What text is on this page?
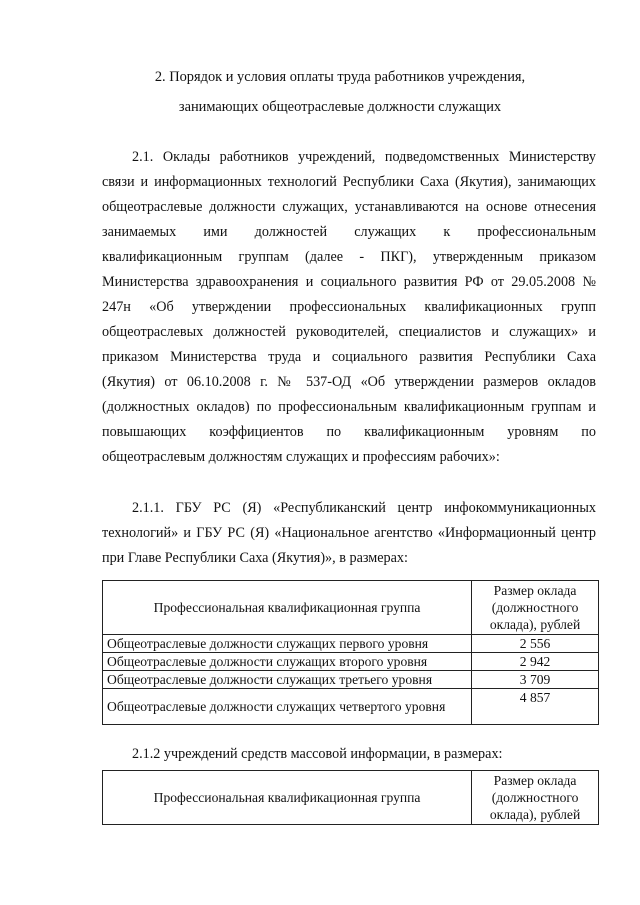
2. Порядок и условия оплаты труда работников учреждения,
занимающих общеотраслевые должности служащих
2.1. Оклады работников учреждений, подведомственных Министерству связи и информационных технологий Республики Саха (Якутия), занимающих общеотраслевые должности служащих, устанавливаются на основе отнесения занимаемых ими должностей служащих к профессиональным квалификационным группам (далее - ПКГ), утвержденным приказом Министерства здравоохранения и социального развития РФ от 29.05.2008 № 247н «Об утверждении профессиональных квалификационных групп общеотраслевых должностей руководителей, специалистов и служащих» и приказом Министерства труда и социального развития Республики Саха (Якутия) от 06.10.2008 г. № 537-ОД «Об утверждении размеров окладов (должностных окладов) по профессиональным квалификационным группам и повышающих коэффициентов по квалификационным уровням по общеотраслевым должностям служащих и профессиям рабочих»:
2.1.1. ГБУ РС (Я) «Республиканский центр инфокоммуникационных технологий» и ГБУ РС (Я) «Национальное агентство «Информационный центр при Главе Республики Саха (Якутия)», в размерах:
Профессиональная квалификационная группа	Размер оклада (должностного оклада), рублей
Общеотраслевые должности служащих первого уровня	2 556
Общеотраслевые должности служащих второго уровня	2 942
Общеотраслевые должности служащих третьего уровня	3 709
Общеотраслевые должности служащих четвертого уровня	4 857
2.1.2 учреждений средств массовой информации, в размерах:
Профессиональная квалификационная группа	Размер оклада (должностного оклада), рублей
